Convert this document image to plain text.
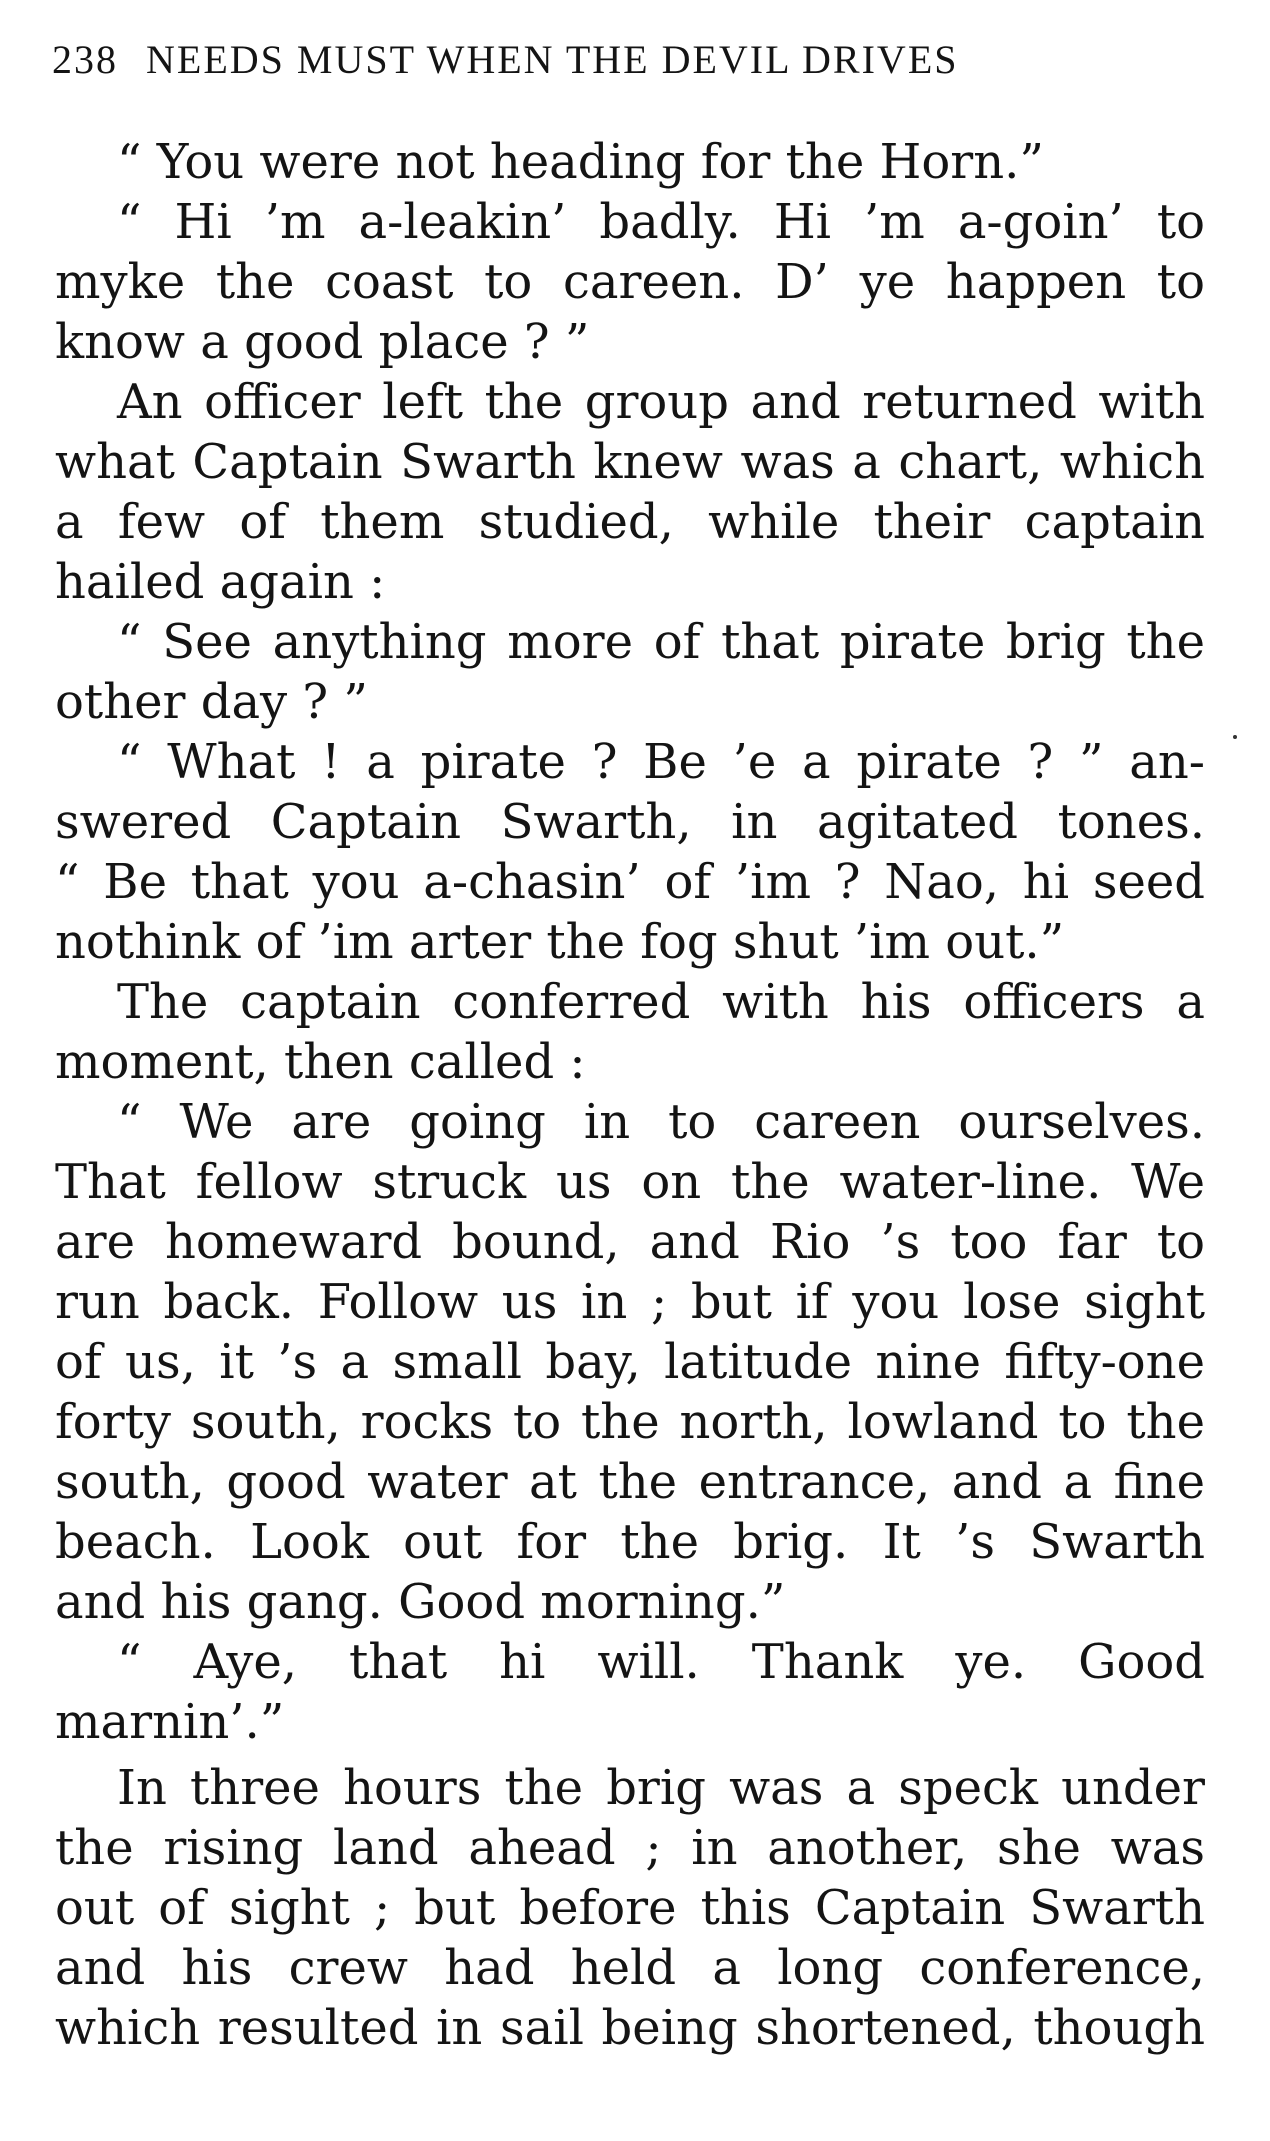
238 NEEDS MUST WHEN THE DEVIL DRIVES
“ You were not heading for the Horn.”
“ Hi ’m a-leakin’ badly. Hi ’m a-goin’ to
myke the coast to careen. D’ ye happen to
know a good place ? ”
An officer left the group and returned with
what Captain Swarth knew was a chart, which
a few of them studied, while their captain
hailed again :
“ See anything more of that pirate brig the
other day ? ”
“ What ! a pirate ? Be ’e a pirate ? ” an-
swered Captain Swarth, in agitated tones.
“ Be that you a-chasin’ of ’im ? Nao, hi seed
nothink of ’im arter the fog shut ’im out.”
The captain conferred with his officers a
moment, then called :
“ We are going in to careen ourselves.
That fellow struck us on the water-line. We
are homeward bound, and Rio ’s too far to
run back. Follow us in ; but if you lose sight
of us, it ’s a small bay, latitude nine fifty-one
forty south, rocks to the north, lowland to the
south, good water at the entrance, and a fine
beach. Look out for the brig. It ’s Swarth
and his gang. Good morning.”
“ Aye, that hi will. Thank ye. Good
marnin’.”
In three hours the brig was a speck under
the rising land ahead ; in another, she was
out of sight ; but before this Captain Swarth
and his crew had held a long conference,
which resulted in sail being shortened, though
